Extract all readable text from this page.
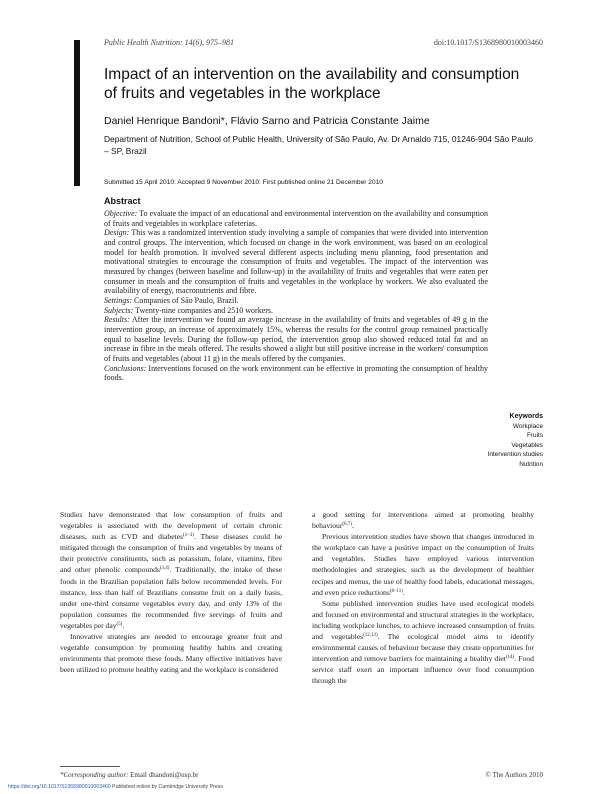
Public Health Nutrition: 14(6), 975–981	doi:10.1017/S1368980010003460
Impact of an intervention on the availability and consumption of fruits and vegetables in the workplace
Daniel Henrique Bandoni*, Flávio Sarno and Patricia Constante Jaime
Department of Nutrition, School of Public Health, University of São Paulo, Av. Dr Arnaldo 715, 01246-904 São Paulo – SP, Brazil
Submitted 15 April 2010: Accepted 9 November 2010: First published online 21 December 2010
Abstract
Objective: To evaluate the impact of an educational and environmental intervention on the availability and consumption of fruits and vegetables in workplace cafeterias.
Design: This was a randomized intervention study involving a sample of companies that were divided into intervention and control groups. The intervention, which focused on change in the work environment, was based on an ecological model for health promotion. It involved several different aspects including menu planning, food presentation and motivational strategies to encourage the consumption of fruits and vegetables. The impact of the intervention was measured by changes (between baseline and follow-up) in the availability of fruits and vegetables that were eaten per consumer in meals and the consumption of fruits and vegetables in the workplace by workers. We also evaluated the availability of energy, macronutrients and fibre.
Settings: Companies of São Paulo, Brazil.
Subjects: Twenty-nine companies and 2510 workers.
Results: After the intervention we found an average increase in the availability of fruits and vegetables of 49 g in the intervention group, an increase of approximately 15%, whereas the results for the control group remained practically equal to baseline levels. During the follow-up period, the intervention group also showed reduced total fat and an increase in fibre in the meals offered. The results showed a slight but still positive increase in the workers' consumption of fruits and vegetables (about 11 g) in the meals offered by the companies.
Conclusions: Interventions focused on the work environment can be effective in promoting the consumption of healthy foods.
Keywords
Workplace
Fruits
Vegetables
Intervention studies
Nutrition

Studies have demonstrated that low consumption of fruits and vegetables is associated with the development of certain chronic diseases, such as CVD and diabetes$^{(1-3)}$. These diseases could be mitigated through the consumption of fruits and vegetables by means of their protective constituents, such as potassium, folate, vitamins, fibre and other phenolic compounds$^{(3,4)}$. Traditionally, the intake of these foods in the Brazilian population falls below recommended levels. For instance, less than half of Brazilians consume fruit on a daily basis, under one-third consume vegetables every day, and only 13% of the population consumes the recommended five servings of fruits and vegetables per day$^{(5)}$.

Innovative strategies are needed to encourage greater fruit and vegetable consumption by promoting healthy habits and creating environments that promote these foods. Many effective initiatives have been utilized to promote healthy eating and the workplace is considered

a good setting for interventions aimed at promoting healthy behaviour$^{(6,7)}$.

Previous intervention studies have shown that changes introduced in the workplace can have a positive impact on the consumption of fruits and vegetables. Studies have employed various intervention methodologies and strategies, such as the development of healthier recipes and menus, the use of healthy food labels, educational messages, and even price reductions$^{(8-11)}$.

Some published intervention studies have used ecological models and focused on environmental and structural strategies in the workplace, including workplace lunches, to achieve increased consumption of fruits and vegetables$^{(12,13)}$. The ecological model aims to identify environmental causes of behaviour because they create opportunities for intervention and remove barriers for maintaining a healthy diet$^{(14)}$. Food service staff exert an important influence over food consumption through the

*Corresponding author: Email dhandoni@usp.br	© The Authors 2010
https://doi.org/10.1017/S1368980010003460 Published online by Cambridge University Press
